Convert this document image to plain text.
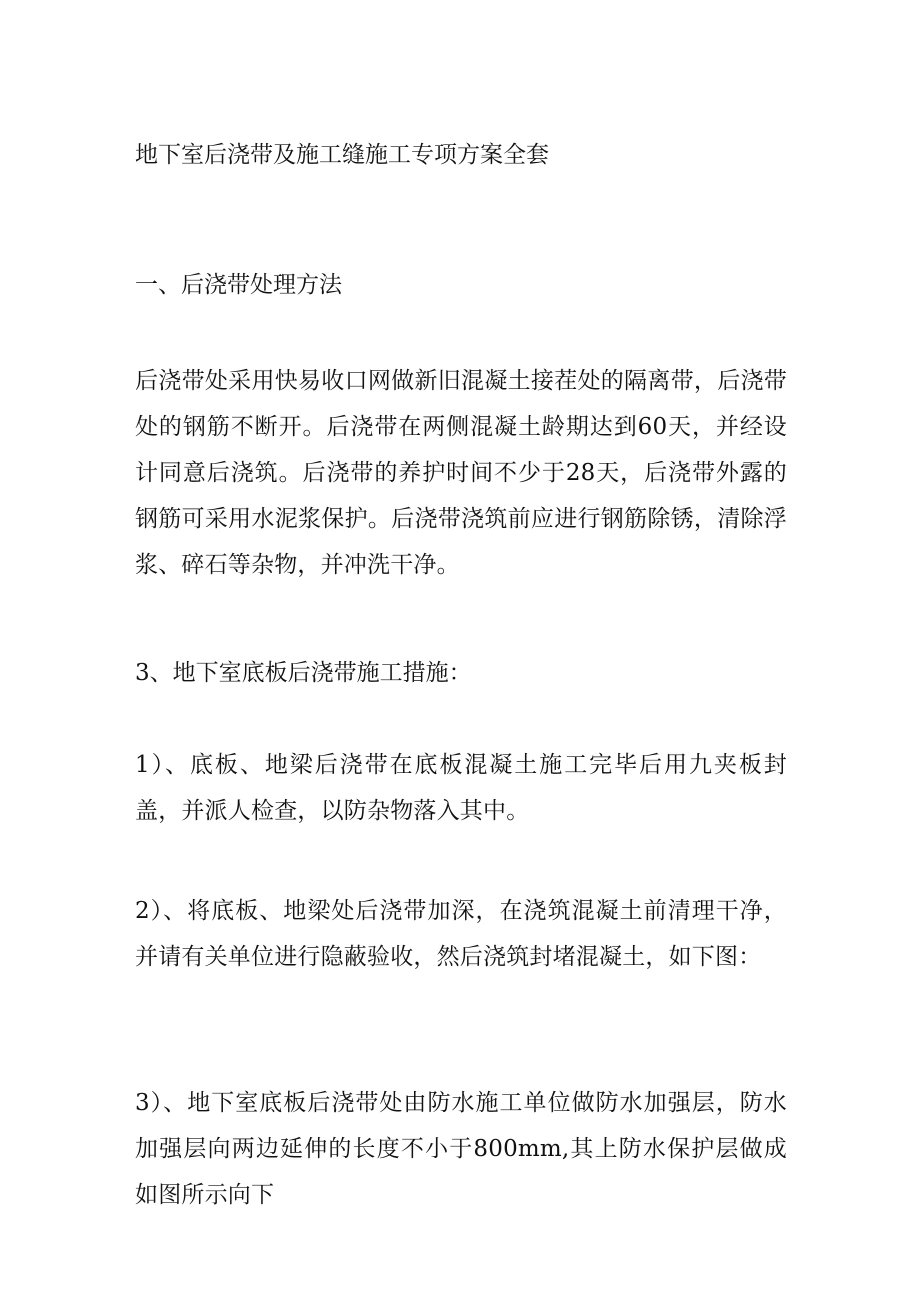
地下室后浇带及施工缝施工专项方案全套
一、后浇带处理方法
后浇带处采用快易收口网做新旧混凝土接茬处的隔离带，后浇带处的钢筋不断开。后浇带在两侧混凝土龄期达到60天，并经设计同意后浇筑。后浇带的养护时间不少于28天，后浇带外露的钢筋可采用水泥浆保护。后浇带浇筑前应进行钢筋除锈，清除浮浆、碎石等杂物，并冲洗干净。
3、地下室底板后浇带施工措施：
1）、底板、地梁后浇带在底板混凝土施工完毕后用九夹板封盖，并派人检查，以防杂物落入其中。
2）、将底板、地梁处后浇带加深，在浇筑混凝土前清理干净，并请有关单位进行隐蔽验收，然后浇筑封堵混凝土，如下图：
3）、地下室底板后浇带处由防水施工单位做防水加强层，防水加强层向两边延伸的长度不小于800mm,其上防水保护层做成如图所示向下
